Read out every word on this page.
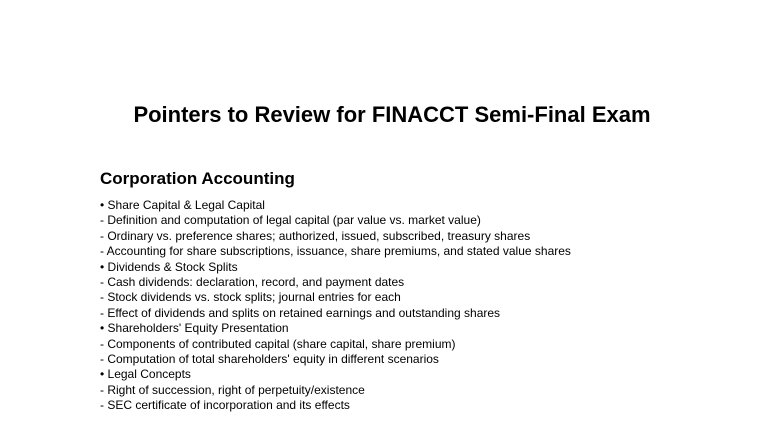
Pointers to Review for FINACCT Semi-Final Exam
Corporation Accounting
• Share Capital & Legal Capital
- Definition and computation of legal capital (par value vs. market value)
- Ordinary vs. preference shares; authorized, issued, subscribed, treasury shares
- Accounting for share subscriptions, issuance, share premiums, and stated value shares
• Dividends & Stock Splits
- Cash dividends: declaration, record, and payment dates
- Stock dividends vs. stock splits; journal entries for each
- Effect of dividends and splits on retained earnings and outstanding shares
• Shareholders' Equity Presentation
- Components of contributed capital (share capital, share premium)
- Computation of total shareholders' equity in different scenarios
• Legal Concepts
- Right of succession, right of perpetuity/existence
- SEC certificate of incorporation and its effects
